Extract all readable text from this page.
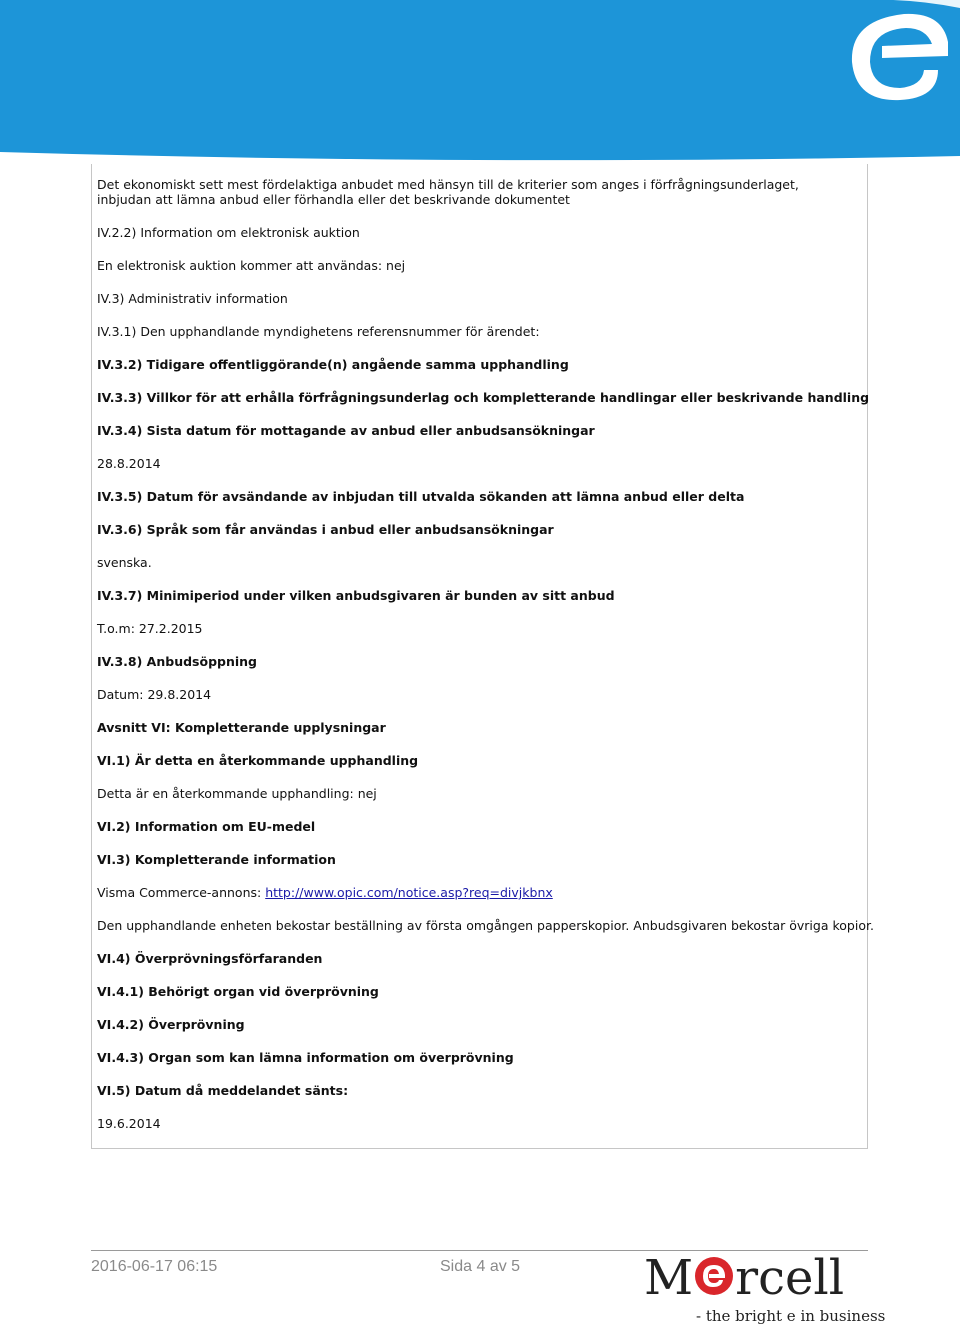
Det ekonomiskt sett mest fördelaktiga anbudet med hänsyn till de kriterier som anges i förfrågningsunderlaget, inbjudan att lämna anbud eller förhandla eller det beskrivande dokumentet
IV.2.2) Information om elektronisk auktion
En elektronisk auktion kommer att användas: nej
IV.3) Administrativ information
IV.3.1) Den upphandlande myndighetens referensnummer för ärendet:
IV.3.2) Tidigare offentliggörande(n) angående samma upphandling
IV.3.3) Villkor för att erhålla förfrågningsunderlag och kompletterande handlingar eller beskrivande handling
IV.3.4) Sista datum för mottagande av anbud eller anbudsansökningar
28.8.2014
IV.3.5) Datum för avsändande av inbjudan till utvalda sökanden att lämna anbud eller delta
IV.3.6) Språk som får användas i anbud eller anbudsansökningar
svenska.
IV.3.7) Minimiperiod under vilken anbudsgivaren är bunden av sitt anbud
T.o.m: 27.2.2015
IV.3.8) Anbudsöppning
Datum: 29.8.2014
Avsnitt VI: Kompletterande upplysningar
VI.1) Är detta en återkommande upphandling
Detta är en återkommande upphandling: nej
VI.2) Information om EU-medel
VI.3) Kompletterande information
Visma Commerce-annons: http://www.opic.com/notice.asp?req=divjkbnx
Den upphandlande enheten bekostar beställning av första omgången papperskopior. Anbudsgivaren bekostar övriga kopior.
VI.4) Överprövningsförfaranden
VI.4.1) Behörigt organ vid överprövning
VI.4.2) Överprövning
VI.4.3) Organ som kan lämna information om överprövning
VI.5) Datum då meddelandet sänts:
19.6.2014
2016-06-17 06:15	Sida 4 av 5	M rcell
- the bright e in business
